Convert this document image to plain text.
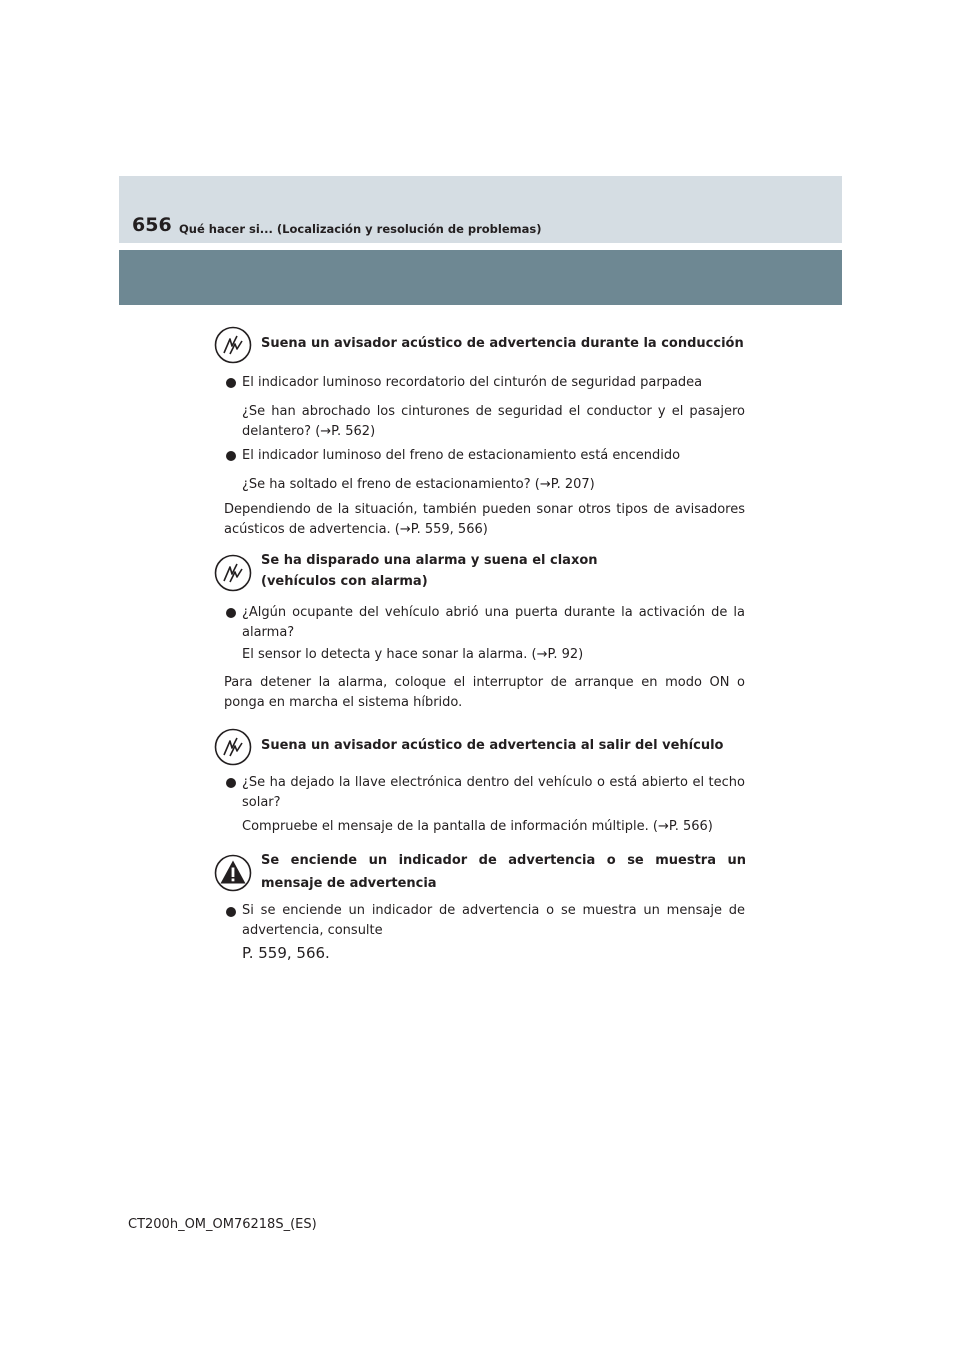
656 Qué hacer si... (Localización y resolución de problemas)
Suena un avisador acústico de advertencia durante la conducción
El indicador luminoso recordatorio del cinturón de seguridad parpadea
¿Se han abrochado los cinturones de seguridad el conductor y el pasajero delantero? (→P. 562)
El indicador luminoso del freno de estacionamiento está encendido
¿Se ha soltado el freno de estacionamiento? (→P. 207)
Dependiendo de la situación, también pueden sonar otros tipos de avisadores acústicos de advertencia. (→P. 559, 566)
Se ha disparado una alarma y suena el claxon
(vehículos con alarma)
¿Algún ocupante del vehículo abrió una puerta durante la activación de la alarma?
El sensor lo detecta y hace sonar la alarma. (→P. 92)
Para detener la alarma, coloque el interruptor de arranque en modo ON o ponga en marcha el sistema híbrido.
Suena un avisador acústico de advertencia al salir del vehículo
¿Se ha dejado la llave electrónica dentro del vehículo o está abierto el techo solar?
Compruebe el mensaje de la pantalla de información múltiple. (→P. 566)
Se enciende un indicador de advertencia o se muestra un mensaje de advertencia
Si se enciende un indicador de advertencia o se muestra un mensaje de advertencia, consulte
P. 559, 566.
CT200h_OM_OM76218S_(ES)
